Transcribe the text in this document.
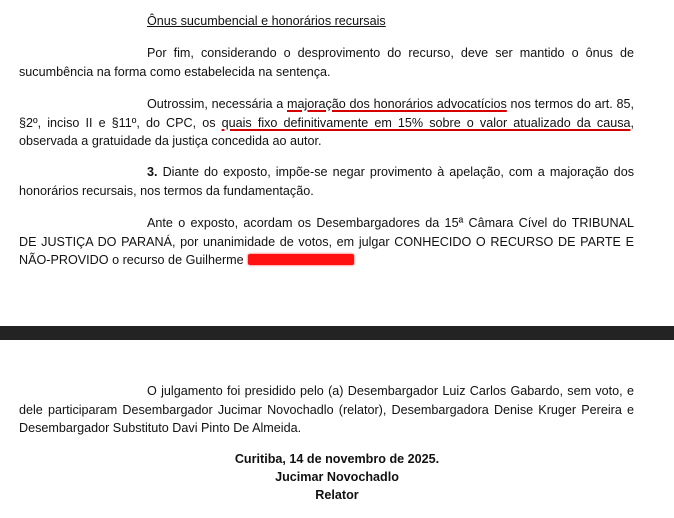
Ônus sucumbencial e honorários recursais

Por fim, considerando o desprovimento do recurso, deve ser mantido o ônus de sucumbência na forma como estabelecida na sentença.

Outrossim, necessária a majoração dos honorários advocatícios nos termos do art. 85, §2º, inciso II e §11º, do CPC, os quais fixo definitivamente em 15% sobre o valor atualizado da causa, observada a gratuidade da justiça concedida ao autor.

3. Diante do exposto, impõe-se negar provimento à apelação, com a majoração dos honorários recursais, nos termos da fundamentação.

Ante o exposto, acordam os Desembargadores da 15ª Câmara Cível do TRIBUNAL DE JUSTIÇA DO PARANÁ, por unanimidade de votos, em julgar CONHECIDO O RECURSO DE PARTE E NÃO-PROVIDO o recurso de Guilherme

O julgamento foi presidido pelo (a) Desembargador Luiz Carlos Gabardo, sem voto, e dele participaram Desembargador Jucimar Novochadlo (relator), Desembargadora Denise Kruger Pereira e Desembargador Substituto Davi Pinto De Almeida.

Curitiba, 14 de novembro de 2025.
Jucimar Novochadlo
Relator
